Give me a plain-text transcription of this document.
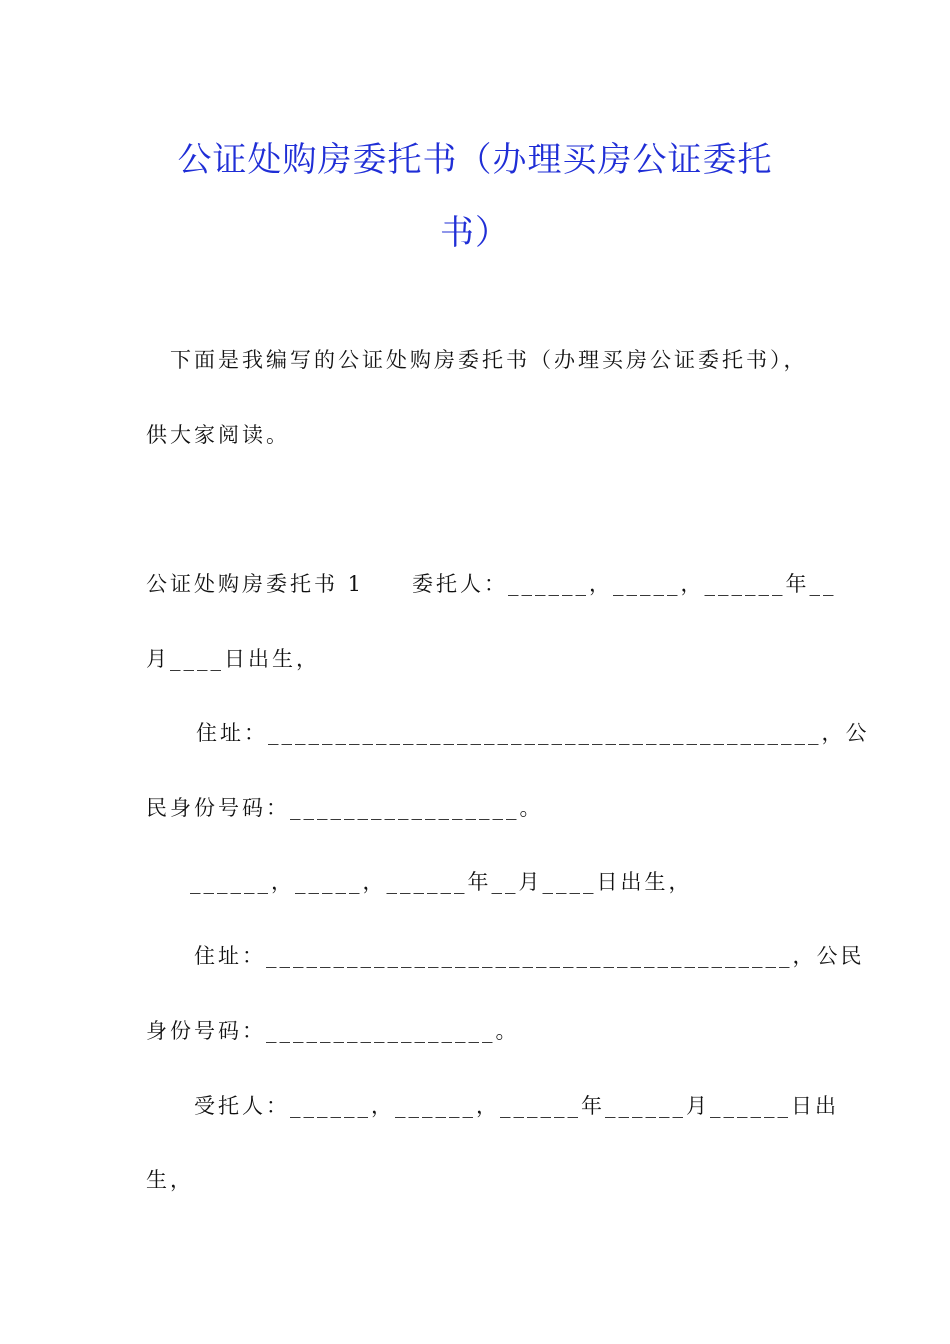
公证处购房委托书（办理买房公证委托
书）
下面是我编写的公证处购房委托书（办理买房公证委托书），
供大家阅读。
公证处购房委托书 1　　委托人：______，_____，______年__
月____日出生，
住址：_________________________________________，公
民身份号码：_________________。
______，_____，______年__月____日出生，
住址：_______________________________________，公民
身份号码：_________________。
受托人：______，______，______年______月______日出
生，
